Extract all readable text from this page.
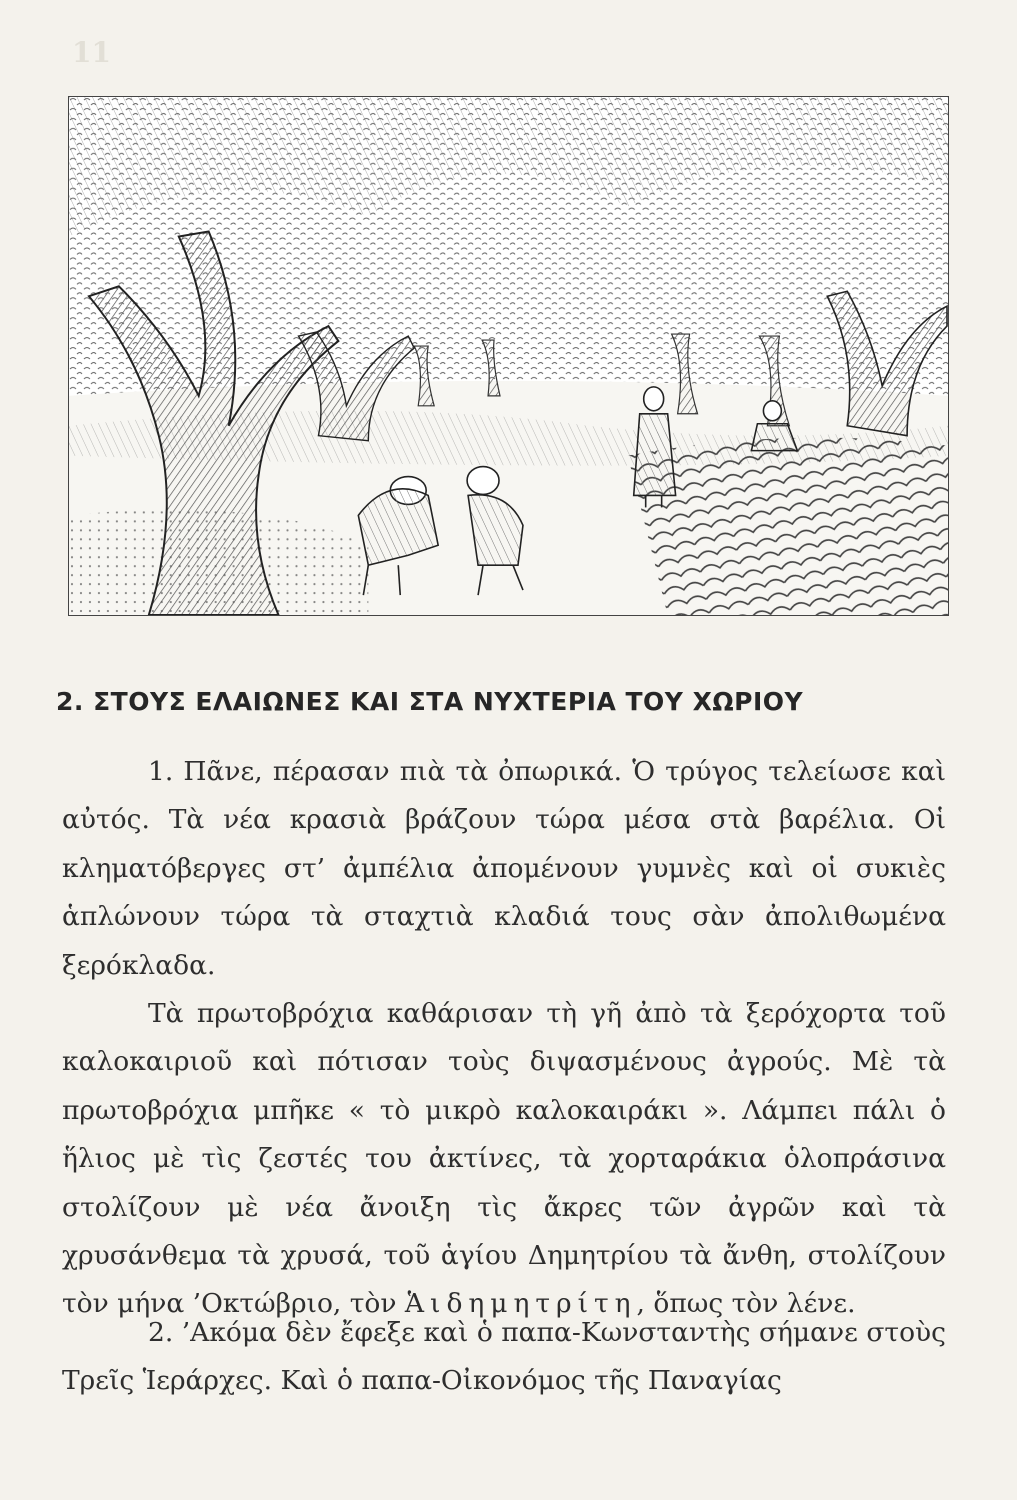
11
2. ΣΤΟΥΣ ΕΛΑΙΩΝΕΣ ΚΑΙ ΣΤΑ ΝΥΧΤΕΡΙΑ ΤΟΥ ΧΩΡΙΟΥ

1. Πᾶνε, πέρασαν πιὰ τὰ ὀπωρικά. Ὁ τρύγος τελείωσε καὶ αὐτός. Τὰ νέα κρασιὰ βράζουν τώρα μέσα στὰ βαρέλια. Οἱ κληματόβεργες στ’ ἀμπέλια ἀπομένουν γυμνὲς καὶ οἱ συκιὲς ἁπλώνουν τώρα τὰ σταχτιὰ κλαδιά τους σὰν ἀπολιθωμένα ξερόκλαδα.

Τὰ πρωτοβρόχια καθάρισαν τὴ γῆ ἀπὸ τὰ ξερόχορτα τοῦ καλοκαιριοῦ καὶ πότισαν τοὺς διψασμένους ἀγρούς. Μὲ τὰ πρωτοβρόχια μπῆκε « τὸ μικρὸ καλοκαιράκι ». Λάμπει πάλι ὁ ἥλιος μὲ τὶς ζεστές του ἀκτίνες, τὰ χορταράκια ὁλοπράσινα στολίζουν μὲ νέα ἄνοιξη τὶς ἄκρες τῶν ἀγρῶν καὶ τὰ χρυσάνθεμα τὰ χρυσά, τοῦ ἁγίου Δημητρίου τὰ ἄνθη, στολίζουν τὸν μήνα ’Οκτώβριο, τὸν Ἁιδημητρίτη, ὅπως τὸν λένε.

2. ’Ακόμα δὲν ἔφεξε καὶ ὁ παπα-Κωνσταντὴς σήμανε στοὺς Τρεῖς Ἱεράρχες. Καὶ ὁ παπα-Οἰκονόμος τῆς Παναγίας
